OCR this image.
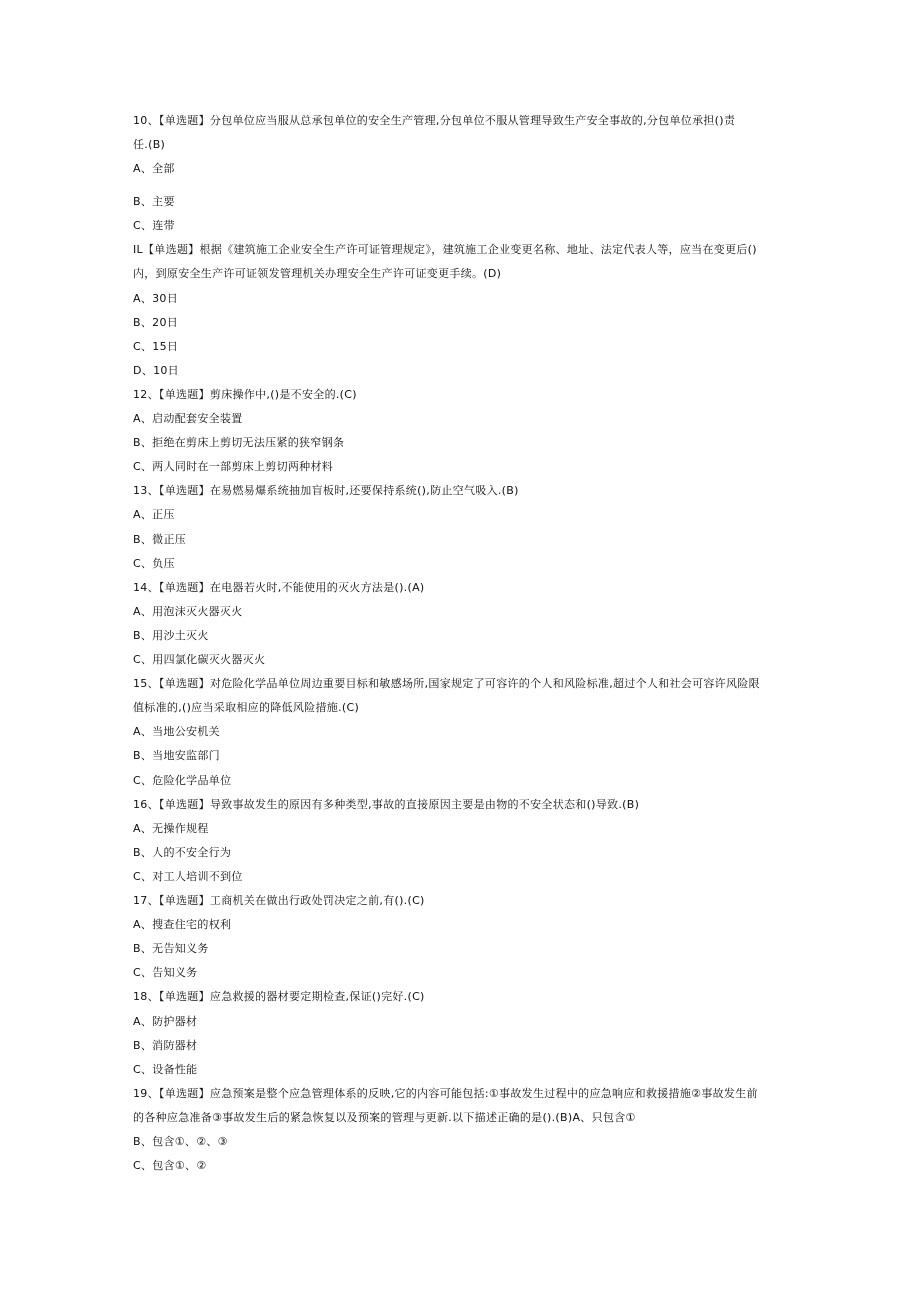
10、【单选题】分包单位应当服从总承包单位的安全生产管理,分包单位不服从管理导致生产安全事故的,分包单位承担()责
任.(B)
A、全部
B、主要
C、连带
IL【单选题】根据《建筑施工企业安全生产许可证管理规定》，建筑施工企业变更名称、地址、法定代表人等，应当在变更后()
内，到原安全生产许可证领发管理机关办理安全生产许可证变更手续。(D)
A、30日
B、20日
C、15日
D、10日
12、【单选题】剪床操作中,()是不安全的.(C)
A、启动配套安全装置
B、拒绝在剪床上剪切无法压紧的狭窄钢条
C、两人同时在一部剪床上剪切两种材料
13、【单选题】在易燃易爆系统抽加盲板时,还要保持系统(),防止空气吸入.(B)
A、正压
B、微正压
C、负压
14、【单选题】在电器若火时,不能使用的灭火方法是().(A)
A、用泡沫灭火器灭火
B、用沙土灭火
C、用四氯化碳灭火器灭火
15、【单选题】对危险化学品单位周边重要目标和敏感场所,国家规定了可容许的个人和风险标准,超过个人和社会可容许风险限
值标准的,()应当采取相应的降低风险措施.(C)
A、当地公安机关
B、当地安监部门
C、危险化学品单位
16、【单选题】导致事故发生的原因有多种类型,事故的直接原因主要是由物的不安全状态和()导致.(B)
A、无操作规程
B、人的不安全行为
C、对工人培训不到位
17、【单选题】工商机关在做出行政处罚决定之前,有().(C)
A、搜查住宅的权利
B、无告知义务
C、告知义务
18、【单选题】应急救援的器材要定期检查,保证()完好.(C)
A、防护器材
B、消防器材
C、设备性能
19、【单选题】应急预案是整个应急管理体系的反映,它的内容可能包括:①事故发生过程中的应急响应和救援措施②事故发生前
的各种应急准备③事故发生后的紧急恢复以及预案的管理与更新.以下描述正确的是().(B)A、只包含①
B、包含①、②、③
C、包含①、②
